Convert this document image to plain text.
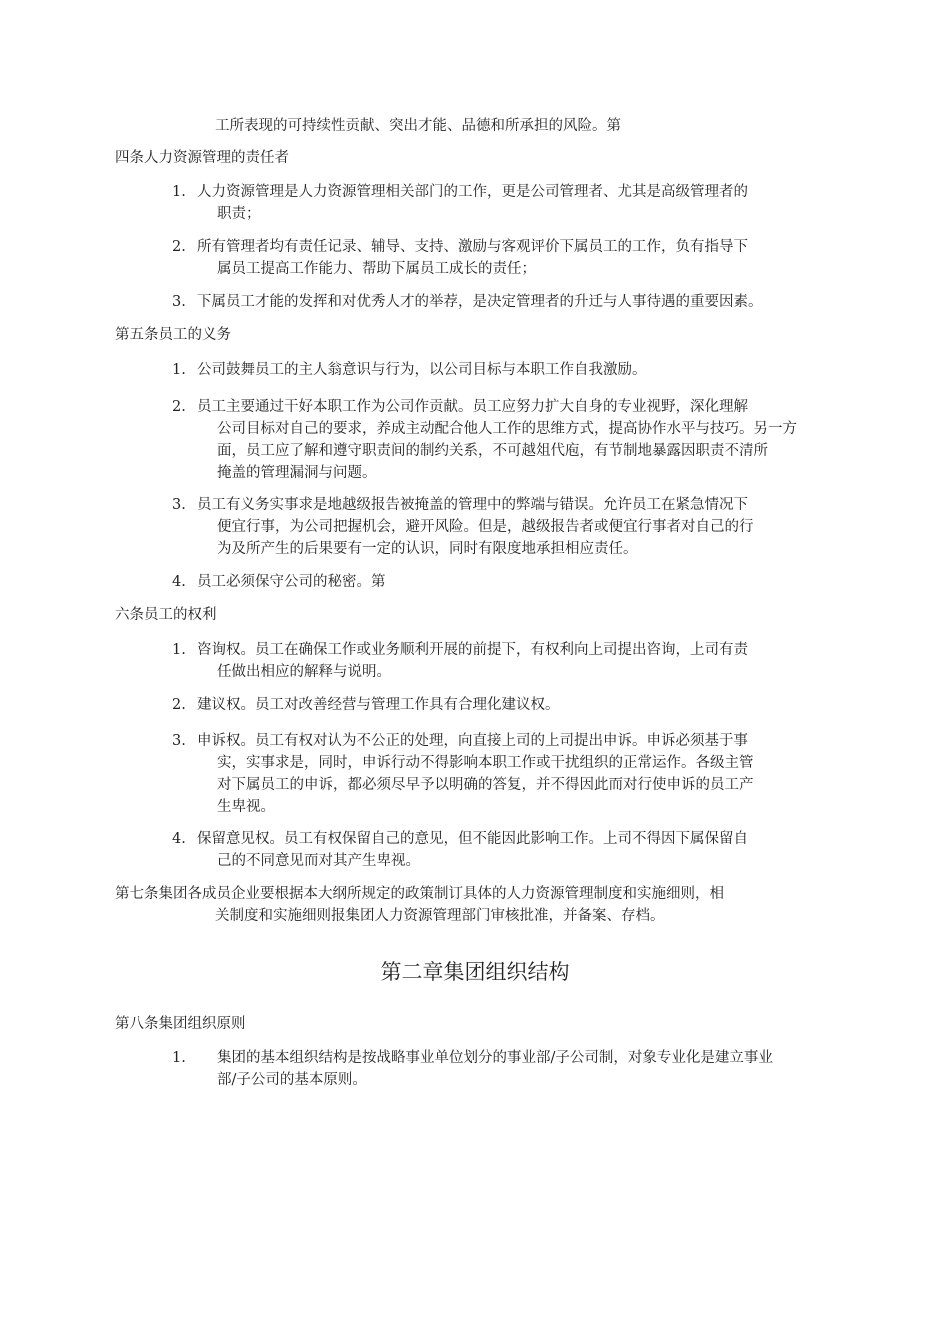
工所表现的可持续性贡献、突出才能、品德和所承担的风险。第
四条人力资源管理的责任者
1. 人力资源管理是人力资源管理相关部门的工作，更是公司管理者、尤其是高级管理者的
职责；
2. 所有管理者均有责任记录、辅导、支持、激励与客观评价下属员工的工作，负有指导下
属员工提高工作能力、帮助下属员工成长的责任；
3. 下属员工才能的发挥和对优秀人才的举荐，是决定管理者的升迁与人事待遇的重要因素。
第五条员工的义务
1. 公司鼓舞员工的主人翁意识与行为，以公司目标与本职工作自我激励。
2. 员工主要通过干好本职工作为公司作贡献。员工应努力扩大自身的专业视野，深化理解
公司目标对自己的要求，养成主动配合他人工作的思维方式，提高协作水平与技巧。另一方
面，员工应了解和遵守职责间的制约关系，不可越俎代庖，有节制地暴露因职责不清所
掩盖的管理漏洞与问题。
3. 员工有义务实事求是地越级报告被掩盖的管理中的弊端与错误。允许员工在紧急情况下
便宜行事，为公司把握机会，避开风险。但是，越级报告者或便宜行事者对自己的行
为及所产生的后果要有一定的认识，同时有限度地承担相应责任。
4. 员工必须保守公司的秘密。第
六条员工的权利
1. 咨询权。员工在确保工作或业务顺利开展的前提下，有权利向上司提出咨询，上司有责
任做出相应的解释与说明。
2. 建议权。员工对改善经营与管理工作具有合理化建议权。
3. 申诉权。员工有权对认为不公正的处理，向直接上司的上司提出申诉。申诉必须基于事
实，实事求是，同时，申诉行动不得影响本职工作或干扰组织的正常运作。各级主管
对下属员工的申诉，都必须尽早予以明确的答复，并不得因此而对行使申诉的员工产
生卑视。
4. 保留意见权。员工有权保留自己的意见，但不能因此影响工作。上司不得因下属保留自
己的不同意见而对其产生卑视。
第七条集团各成员企业要根据本大纲所规定的政策制订具体的人力资源管理制度和实施细则，相
关制度和实施细则报集团人力资源管理部门审核批准，并备案、存档。
第二章集团组织结构
第八条集团组织原则
1.	集团的基本组织结构是按战略事业单位划分的事业部/子公司制，对象专业化是建立事业
部/子公司的基本原则。
